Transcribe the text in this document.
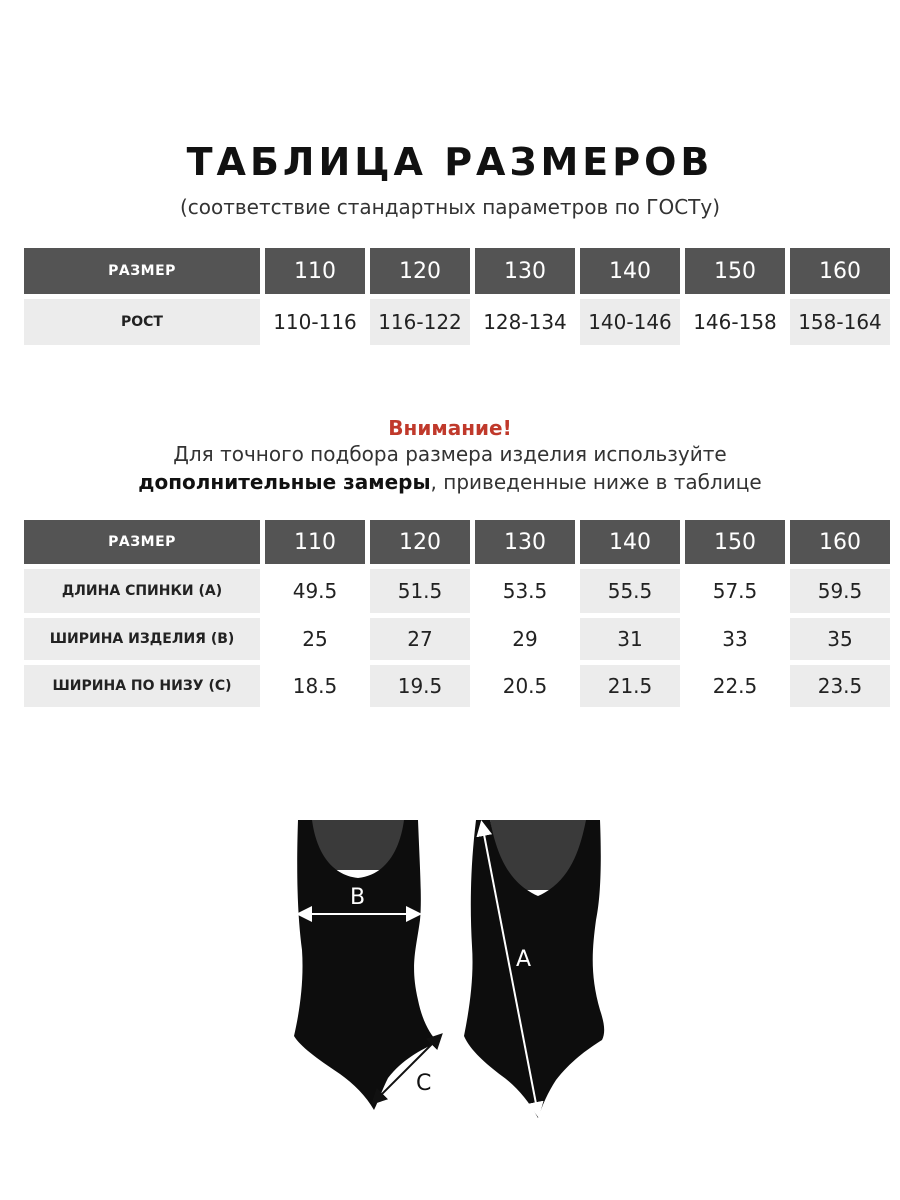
ТАБЛИЦА РАЗМЕРОВ
(соответствие стандартных параметров по ГОСТу)
РАЗМЕР	110	120	130	140	150	160
РОСТ	110-116	116-122	128-134	140-146	146-158	158-164
Внимание!
Для точного подбора размера изделия используйте
дополнительные замеры, приведенные ниже в таблице
РАЗМЕР	110	120	130	140	150	160
ДЛИНА СПИНКИ (А)	49.5	51.5	53.5	55.5	57.5	59.5
ШИРИНА ИЗДЕЛИЯ (В)	25	27	29	31	33	35
ШИРИНА ПО НИЗУ (С)	18.5	19.5	20.5	21.5	22.5	23.5
B
A
C
